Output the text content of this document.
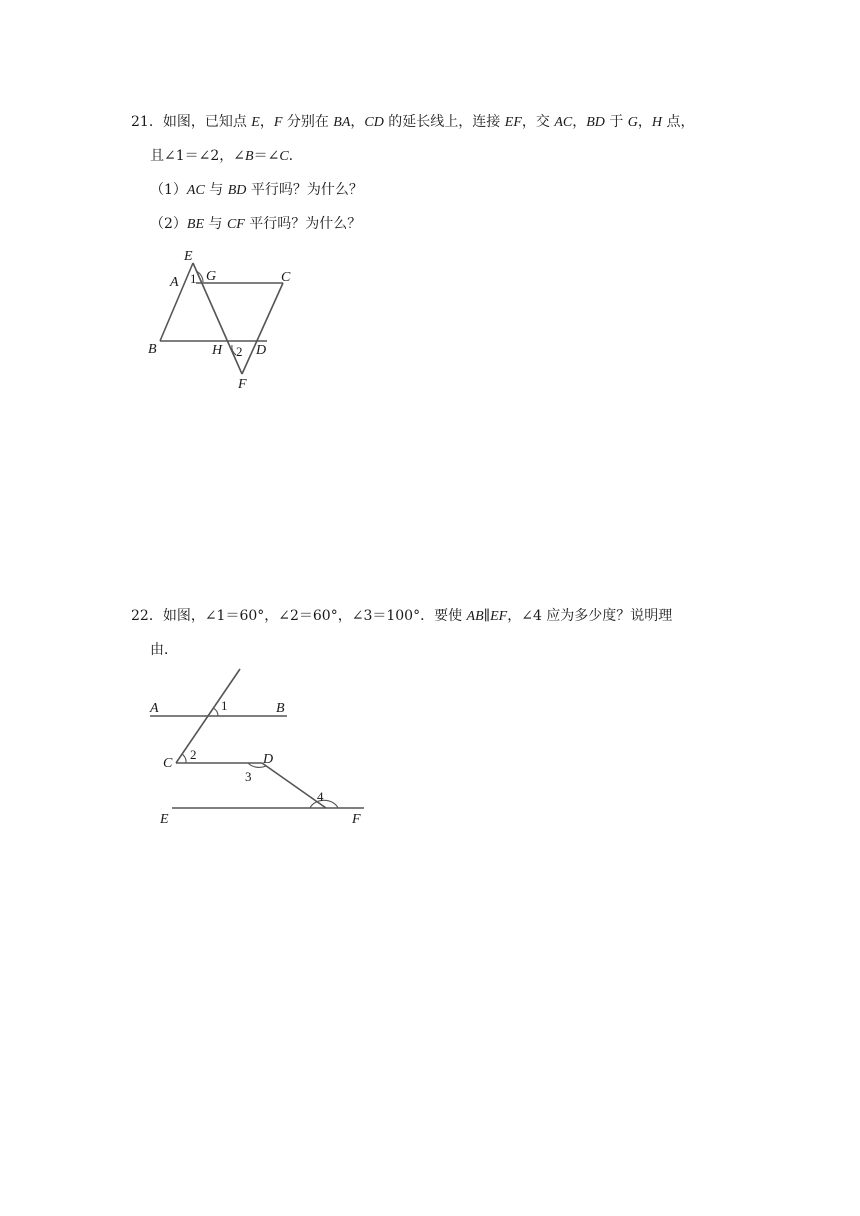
21．如图，已知点 E，F 分别在 BA，CD 的延长线上，连接 EF，交 AC，BD 于 G，H 点，
且∠1＝∠2，∠B＝∠C.
（1）AC 与 BD 平行吗？为什么？
（2）BE 与 CF 平行吗？为什么？
E
A 1 G	C
B	H 2 D
F
22．如图，∠1＝60°，∠2＝60°，∠3＝100°．要使 AB∥EF，∠4 应为多少度？说明理
由．
A	1	B
C
2	D
3
4
E	F
